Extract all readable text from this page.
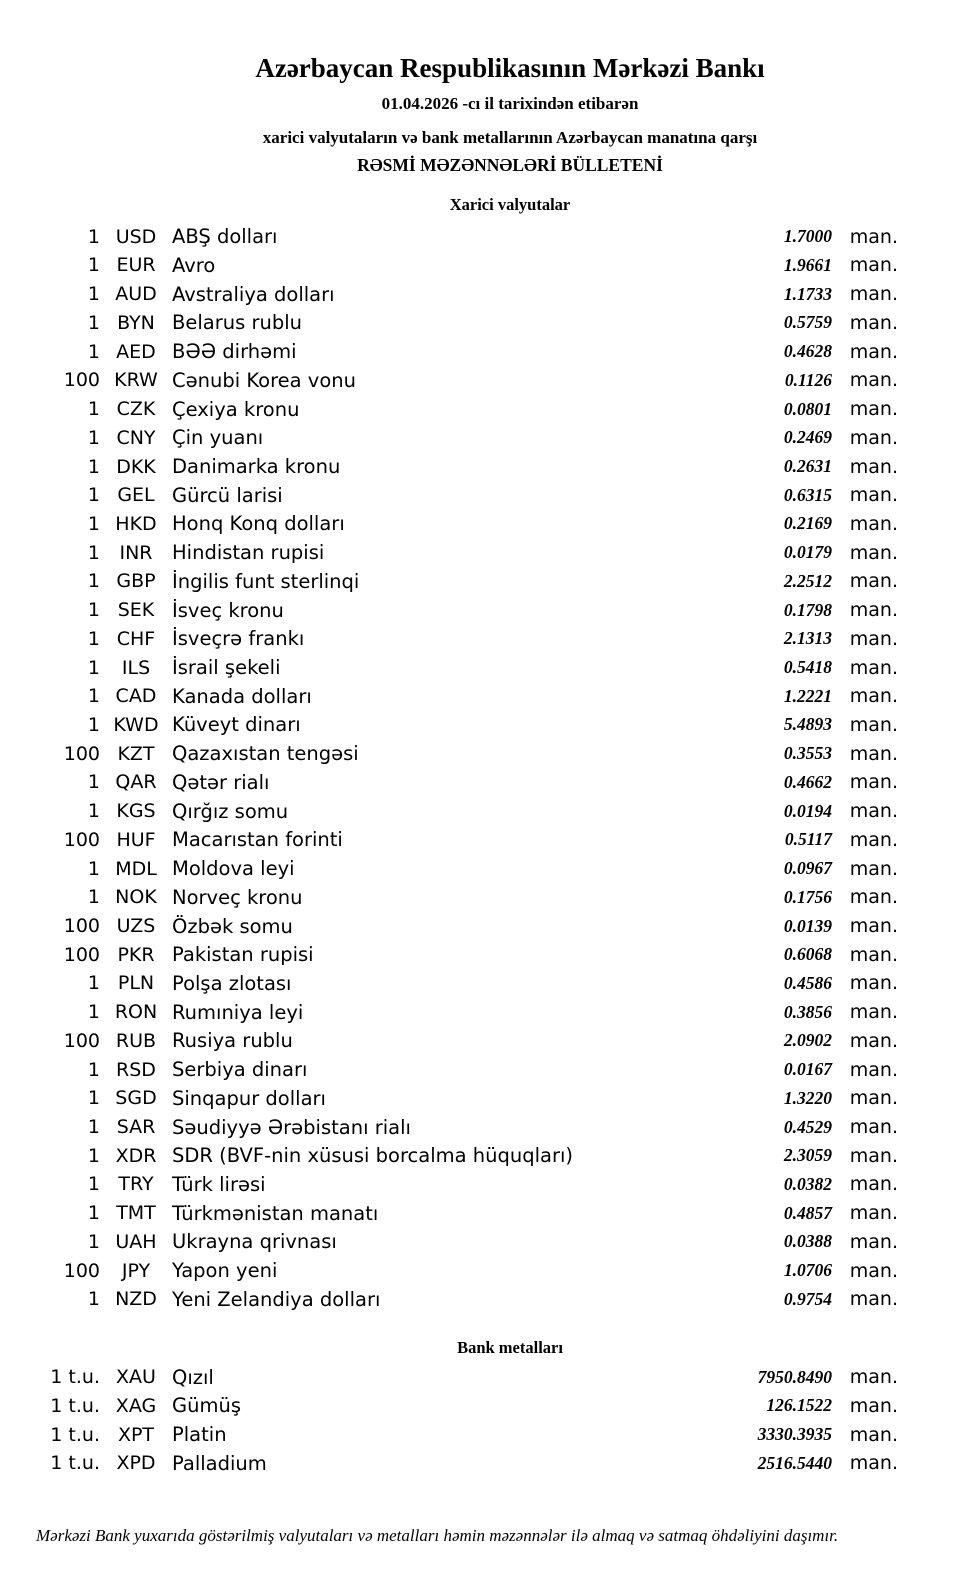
Azərbaycan Respublikasının Mərkəzi Bankı
01.04.2026 -cı il tarixindən etibarən
xarici valyutaların və bank metallarının Azərbaycan manatına qarşı
RƏSMİ MƏZƏNNƏLƏRİ BÜLLETENİ
Xarici valyutalar
1 USD ABŞ dolları	1.7000 man.
1 EUR Avro	1.9661 man.
1 AUD Avstraliya dolları	1.1733 man.
1 BYN Belarus rublu	0.5759 man.
1 AED BƏƏ dirhəmi	0.4628 man.
100 KRW Cənubi Korea vonu	0.1126 man.
1 CZK Çexiya kronu	0.0801 man.
1 CNY Çin yuanı	0.2469 man.
1 DKK Danimarka kronu	0.2631 man.
1 GEL Gürcü larisi	0.6315 man.
1 HKD Honq Konq dolları	0.2169 man.
1	INR Hindistan rupisi	0.0179 man.
1 GBP İngilis funt sterlinqi	2.2512 man.
1 SEK İsveç kronu	0.1798 man.
1 CHF İsveçrə frankı	2.1313 man.
1	ILS	İsrail şekeli	0.5418 man.
1 CAD Kanada dolları	1.2221 man.
1 KWD Küveyt dinarı	5.4893 man.
100 KZT Qazaxıstan tengəsi	0.3553 man.
1 QAR Qətər rialı	0.4662 man.
1 KGS Qırğız somu	0.0194 man.
100 HUF Macarıstan forinti	0.5117 man.
1 MDL Moldova leyi	0.0967 man.
1 NOK Norveç kronu	0.1756 man.
100 UZS Özbək somu	0.0139 man.
100 PKR Pakistan rupisi	0.6068 man.
1 PLN Polşa zlotası	0.4586 man.
1 RON Rumıniya leyi	0.3856 man.
100 RUB Rusiya rublu	2.0902 man.
1 RSD Serbiya dinarı	0.0167 man.
1 SGD Sinqapur dolları	1.3220 man.
1 SAR Səudiyyə Ərəbistanı rialı	0.4529 man.
1 XDR SDR (BVF-nin xüsusi borcalma hüquqları)	2.3059 man.
1 TRY Türk lirəsi	0.0382 man.
1 TMT Türkmənistan manatı	0.4857 man.
1 UAH Ukrayna qrivnası	0.0388 man.
100	JPY	Yapon yeni	1.0706 man.
1 NZD Yeni Zelandiya dolları	0.9754 man.
Bank metalları
1 t.u. XAU Qızıl	7950.8490 man.
1 t.u. XAG Gümüş	126.1522 man.
1 t.u. XPT Platin	3330.3935 man.
1 t.u. XPD Palladium	2516.5440 man.
Mərkəzi Bank yuxarıda göstərilmiş valyutaları və metalları həmin məzənnələr ilə almaq və satmaq öhdəliyini daşımır.
